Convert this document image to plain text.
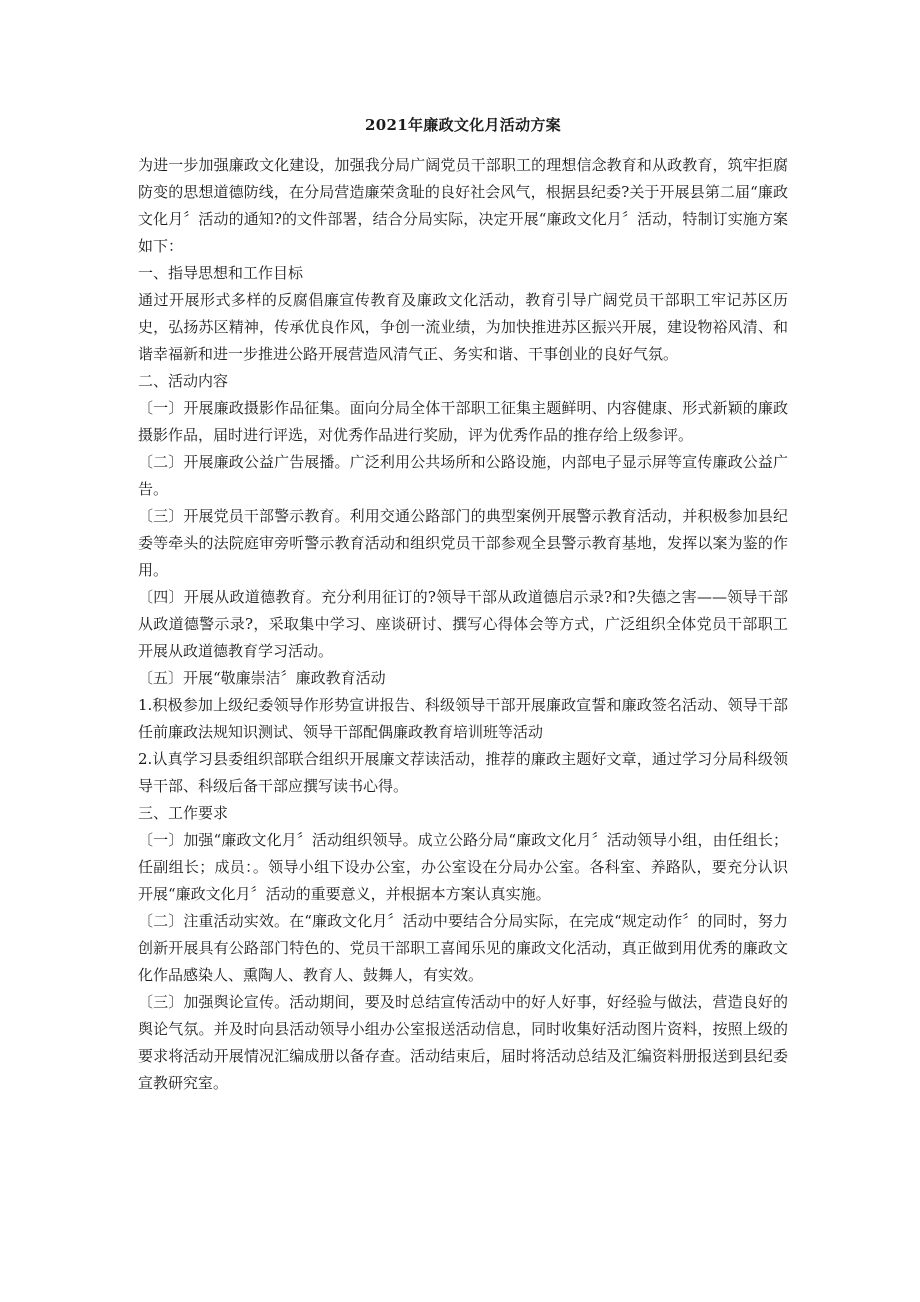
2021年廉政文化月活动方案

为进一步加强廉政文化建设，加强我分局广阔党员干部职工的理想信念教育和从政教育，筑牢拒腐防变的思想道德防线，在分局营造廉荣贪耻的良好社会风气，根据县纪委?关于开展县第二届“廉政文化月〞活动的通知?的文件部署，结合分局实际，决定开展“廉政文化月〞活动，特制订实施方案如下：

一、指导思想和工作目标

通过开展形式多样的反腐倡廉宣传教育及廉政文化活动，教育引导广阔党员干部职工牢记苏区历史，弘扬苏区精神，传承优良作风，争创一流业绩，为加快推进苏区振兴开展，建设物裕风清、和谐幸福新和进一步推进公路开展营造风清气正、务实和谐、干事创业的良好气氛。

二、活动内容

〔一〕开展廉政摄影作品征集。面向分局全体干部职工征集主题鲜明、内容健康、形式新颖的廉政摄影作品，届时进行评选，对优秀作品进行奖励，评为优秀作品的推存给上级参评。

〔二〕开展廉政公益广告展播。广泛利用公共场所和公路设施，内部电子显示屏等宣传廉政公益广告。

〔三〕开展党员干部警示教育。利用交通公路部门的典型案例开展警示教育活动，并积极参加县纪委等牵头的法院庭审旁听警示教育活动和组织党员干部参观全县警示教育基地，发挥以案为鉴的作用。

〔四〕开展从政道德教育。充分利用征订的?领导干部从政道德启示录?和?失德之害——领导干部从政道德警示录?，采取集中学习、座谈研讨、撰写心得体会等方式，广泛组织全体党员干部职工开展从政道德教育学习活动。

〔五〕开展“敬廉崇洁〞廉政教育活动

1.积极参加上级纪委领导作形势宣讲报告、科级领导干部开展廉政宣誓和廉政签名活动、领导干部任前廉政法规知识测试、领导干部配偶廉政教育培训班等活动

2.认真学习县委组织部联合组织开展廉文荐读活动，推荐的廉政主题好文章，通过学习分局科级领导干部、科级后备干部应撰写读书心得。

三、工作要求

〔一〕加强“廉政文化月〞活动组织领导。成立公路分局“廉政文化月〞活动领导小组，由任组长；任副组长；成员：。领导小组下设办公室，办公室设在分局办公室。各科室、养路队，要充分认识开展“廉政文化月〞活动的重要意义，并根据本方案认真实施。

〔二〕注重活动实效。在“廉政文化月〞活动中要结合分局实际，在完成“规定动作〞的同时，努力创新开展具有公路部门特色的、党员干部职工喜闻乐见的廉政文化活动，真正做到用优秀的廉政文化作品感染人、熏陶人、教育人、鼓舞人，有实效。

〔三〕加强舆论宣传。活动期间，要及时总结宣传活动中的好人好事，好经验与做法，营造良好的舆论气氛。并及时向县活动领导小组办公室报送活动信息，同时收集好活动图片资料，按照上级的要求将活动开展情况汇编成册以备存查。活动结束后，届时将活动总结及汇编资料册报送到县纪委宣教研究室。
